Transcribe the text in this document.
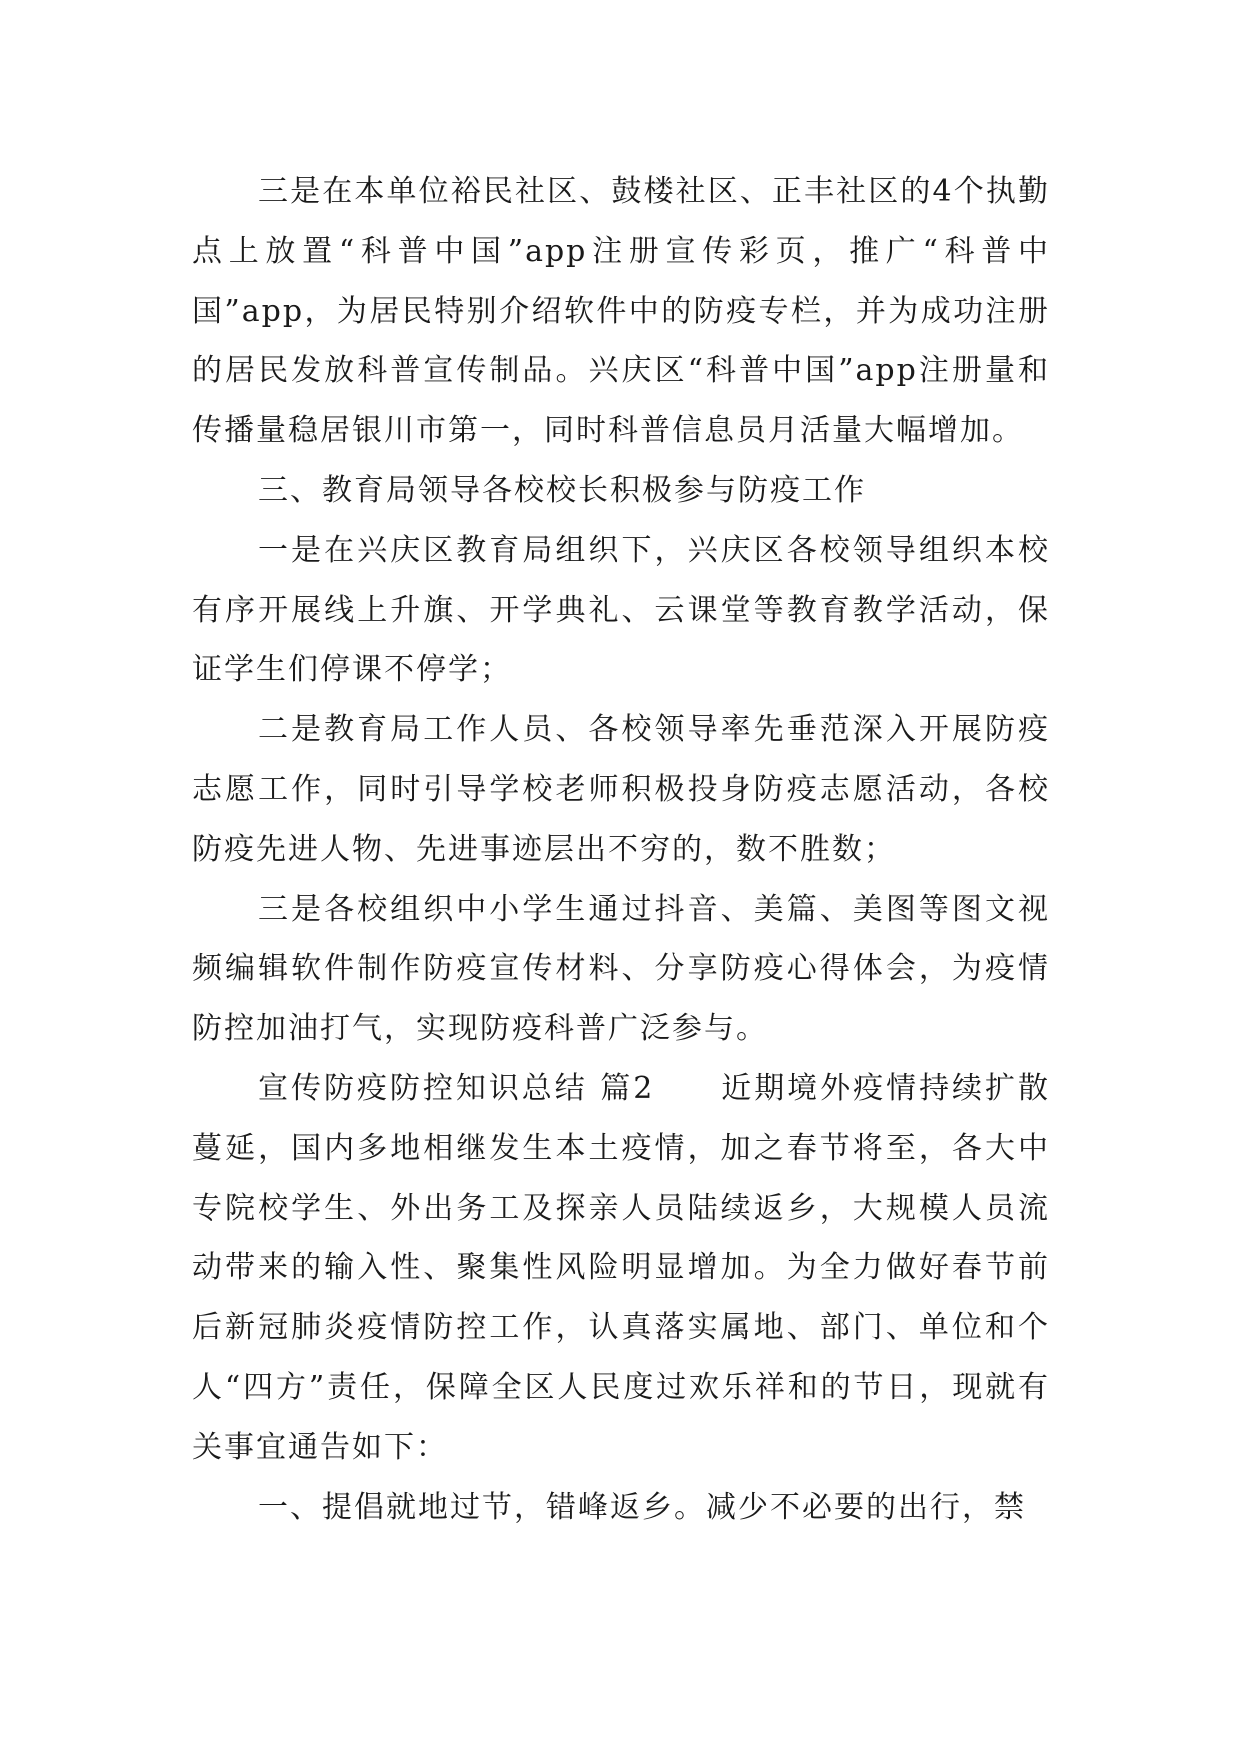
三是在本单位裕民社区、鼓楼社区、正丰社区的4个执勤点上放置“科普中国”app注册宣传彩页，推广“科普中国”app，为居民特别介绍软件中的防疫专栏，并为成功注册的居民发放科普宣传制品。兴庆区“科普中国”app注册量和传播量稳居银川市第一，同时科普信息员月活量大幅增加。

三、教育局领导各校校长积极参与防疫工作

一是在兴庆区教育局组织下，兴庆区各校领导组织本校有序开展线上升旗、开学典礼、云课堂等教育教学活动，保证学生们停课不停学；

二是教育局工作人员、各校领导率先垂范深入开展防疫志愿工作，同时引导学校老师积极投身防疫志愿活动，各校防疫先进人物、先进事迹层出不穷的，数不胜数；

三是各校组织中小学生通过抖音、美篇、美图等图文视频编辑软件制作防疫宣传材料、分享防疫心得体会，为疫情防控加油打气，实现防疫科普广泛参与。

宣传防疫防控知识总结 篇2　　近期境外疫情持续扩散蔓延，国内多地相继发生本土疫情，加之春节将至，各大中专院校学生、外出务工及探亲人员陆续返乡，大规模人员流动带来的输入性、聚集性风险明显增加。为全力做好春节前后新冠肺炎疫情防控工作，认真落实属地、部门、单位和个人“四方”责任，保障全区人民度过欢乐祥和的节日，现就有关事宜通告如下：

一、提倡就地过节，错峰返乡。减少不必要的出行，禁
